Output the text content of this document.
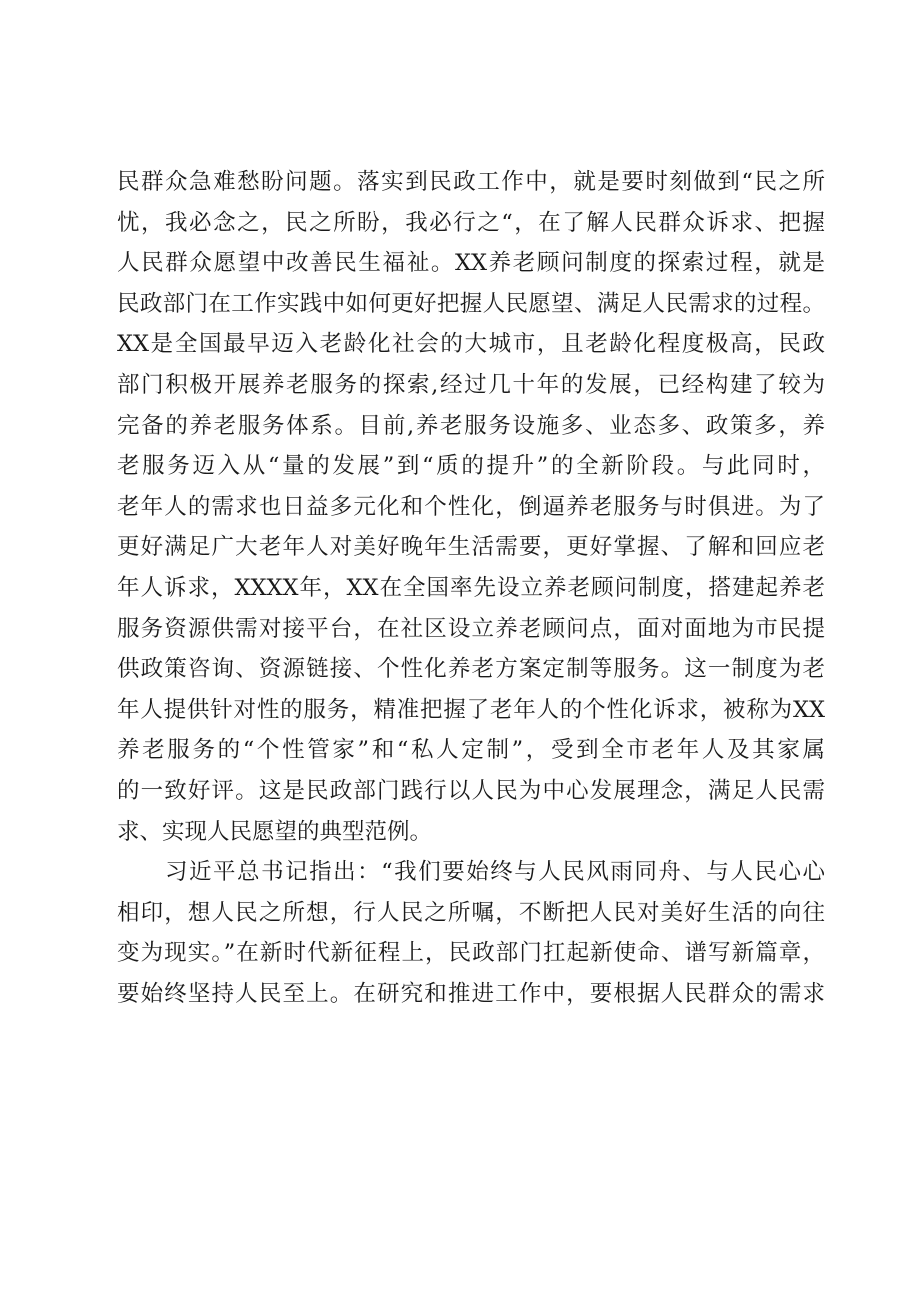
民群众急难愁盼问题。落实到民政工作中，就是要时刻做到“民之所
忧，我必念之，民之所盼，我必行之“，在了解人民群众诉求、把握
人民群众愿望中改善民生福祉。XX养老顾问制度的探索过程，就是
民政部门在工作实践中如何更好把握人民愿望、满足人民需求的过程。
XX是全国最早迈入老龄化社会的大城市，且老龄化程度极高，民政
部门积极开展养老服务的探索,经过几十年的发展，已经构建了较为
完备的养老服务体系。目前,养老服务设施多、业态多、政策多，养
老服务迈入从“量的发展”到“质的提升”的全新阶段。与此同时，
老年人的需求也日益多元化和个性化，倒逼养老服务与时俱进。为了
更好满足广大老年人对美好晚年生活需要，更好掌握、了解和回应老
年人诉求，XXXX年，XX在全国率先设立养老顾问制度，搭建起养老
服务资源供需对接平台，在社区设立养老顾问点，面对面地为市民提
供政策咨询、资源链接、个性化养老方案定制等服务。这一制度为老
年人提供针对性的服务，精准把握了老年人的个性化诉求，被称为XX
养老服务的“个性管家”和“私人定制”，受到全市老年人及其家属
的一致好评。这是民政部门践行以人民为中心发展理念，满足人民需
求、实现人民愿望的典型范例。
习近平总书记指出：“我们要始终与人民风雨同舟、与人民心心
相印，想人民之所想，行人民之所嘱，不断把人民对美好生活的向往
变为现实。”在新时代新征程上，民政部门扛起新使命、谱写新篇章，
要始终坚持人民至上。在研究和推进工作中，要根据人民群众的需求
